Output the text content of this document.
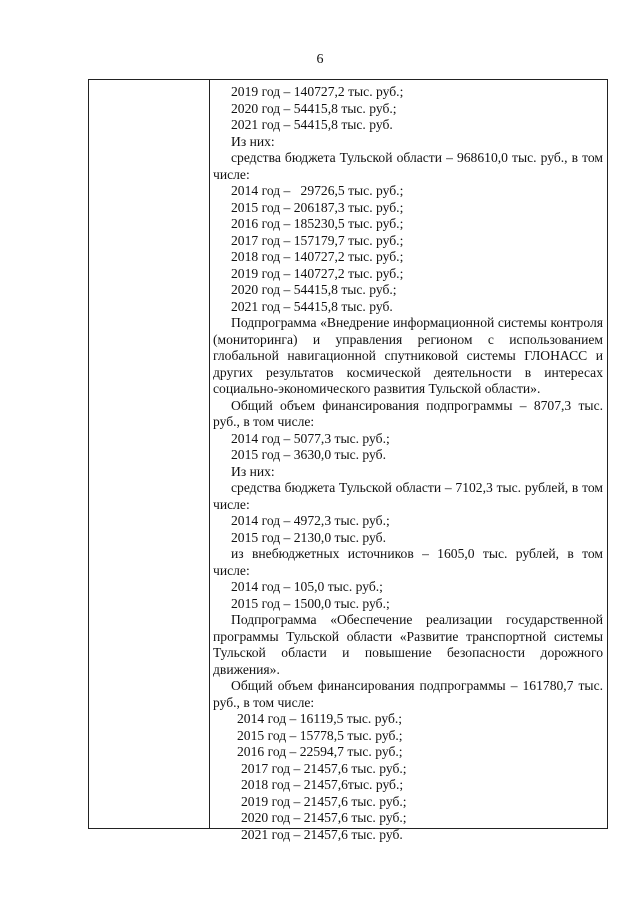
6

2019 год – 140727,2 тыс. руб.;

2020 год – 54415,8 тыс. руб.;

2021 год – 54415,8 тыс. руб.

Из них:

средства бюджета Тульской области – 968610,0 тыс. руб., в том числе:

2014 год –   29726,5 тыс. руб.;

2015 год – 206187,3 тыс. руб.;

2016 год – 185230,5 тыс. руб.;

2017 год – 157179,7 тыс. руб.;

2018 год – 140727,2 тыс. руб.;

2019 год – 140727,2 тыс. руб.;

2020 год – 54415,8 тыс. руб.;

2021 год – 54415,8 тыс. руб.

Подпрограмма «Внедрение информационной системы контроля (мониторинга) и управления регионом с использованием глобальной навигационной спутниковой системы ГЛОНАСС и других результатов космической деятельности в интересах социально-экономического развития Тульской области».

Общий объем финансирования подпрограммы – 8707,3 тыс. руб., в том числе:

2014 год – 5077,3 тыс. руб.;

2015 год – 3630,0 тыс. руб.

Из них:

средства бюджета Тульской области – 7102,3 тыс. рублей, в том числе:

2014 год – 4972,3 тыс. руб.;

2015 год – 2130,0 тыс. руб.

из внебюджетных источников – 1605,0 тыс. рублей, в том числе:

2014 год – 105,0 тыс. руб.;

2015 год – 1500,0 тыс. руб.;

Подпрограмма «Обеспечение реализации государственной программы Тульской области «Развитие транспортной системы Тульской области и повышение безопасности дорожного движения».

Общий объем финансирования подпрограммы – 161780,7 тыс.  руб., в том числе:

2014 год – 16119,5 тыс. руб.;

2015 год – 15778,5 тыс. руб.;

2016 год – 22594,7 тыс. руб.;

2017 год – 21457,6 тыс. руб.;

2018 год – 21457,6тыс. руб.;

2019 год – 21457,6 тыс. руб.;

2020 год – 21457,6 тыс. руб.;

2021 год – 21457,6 тыс. руб.
